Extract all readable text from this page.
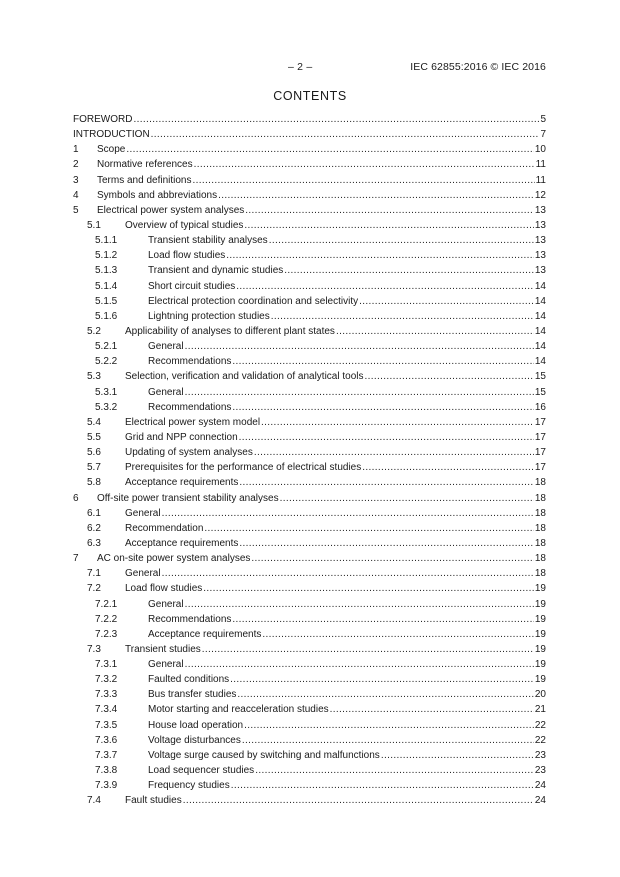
– 2 –	IEC 62855:2016 © IEC 2016
CONTENTS
FOREWORD .....	5
INTRODUCTION .....	7
1	Scope .....	10
2	Normative references .....	11
3	Terms and definitions .....	11
4	Symbols and abbreviations .....	12
5	Electrical power system analyses .....	13
5.1	Overview of typical studies .....	13
5.1.1	Transient stability analyses .....	13
5.1.2	Load flow studies .....	13
5.1.3	Transient and dynamic studies .....	13
5.1.4	Short circuit studies .....	14
5.1.5	Electrical protection coordination and selectivity .....	14
5.1.6	Lightning protection studies .....	14
5.2	Applicability of analyses to different plant states .....	14
5.2.1	General .....	14
5.2.2	Recommendations .....	14
5.3	Selection, verification and validation of analytical tools .....	15
5.3.1	General .....	15
5.3.2	Recommendations .....	16
5.4	Electrical power system model .....	17
5.5	Grid and NPP connection .....	17
5.6	Updating of system analyses .....	17
5.7	Prerequisites for the performance of electrical studies .....	17
5.8	Acceptance requirements .....	18
6	Off-site power transient stability analyses .....	18
6.1	General .....	18
6.2	Recommendation .....	18
6.3	Acceptance requirements .....	18
7	AC on-site power system analyses .....	18
7.1	General .....	18
7.2	Load flow studies .....	19
7.2.1	General .....	19
7.2.2	Recommendations .....	19
7.2.3	Acceptance requirements .....	19
7.3	Transient studies .....	19
7.3.1	General .....	19
7.3.2	Faulted conditions .....	19
7.3.3	Bus transfer studies .....	20
7.3.4	Motor starting and reacceleration studies .....	21
7.3.5	House load operation .....	22
7.3.6	Voltage disturbances .....	22
7.3.7	Voltage surge caused by switching and malfunctions .....	23
7.3.8	Load sequencer studies .....	23
7.3.9	Frequency studies .....	24
7.4	Fault studies .....	24
